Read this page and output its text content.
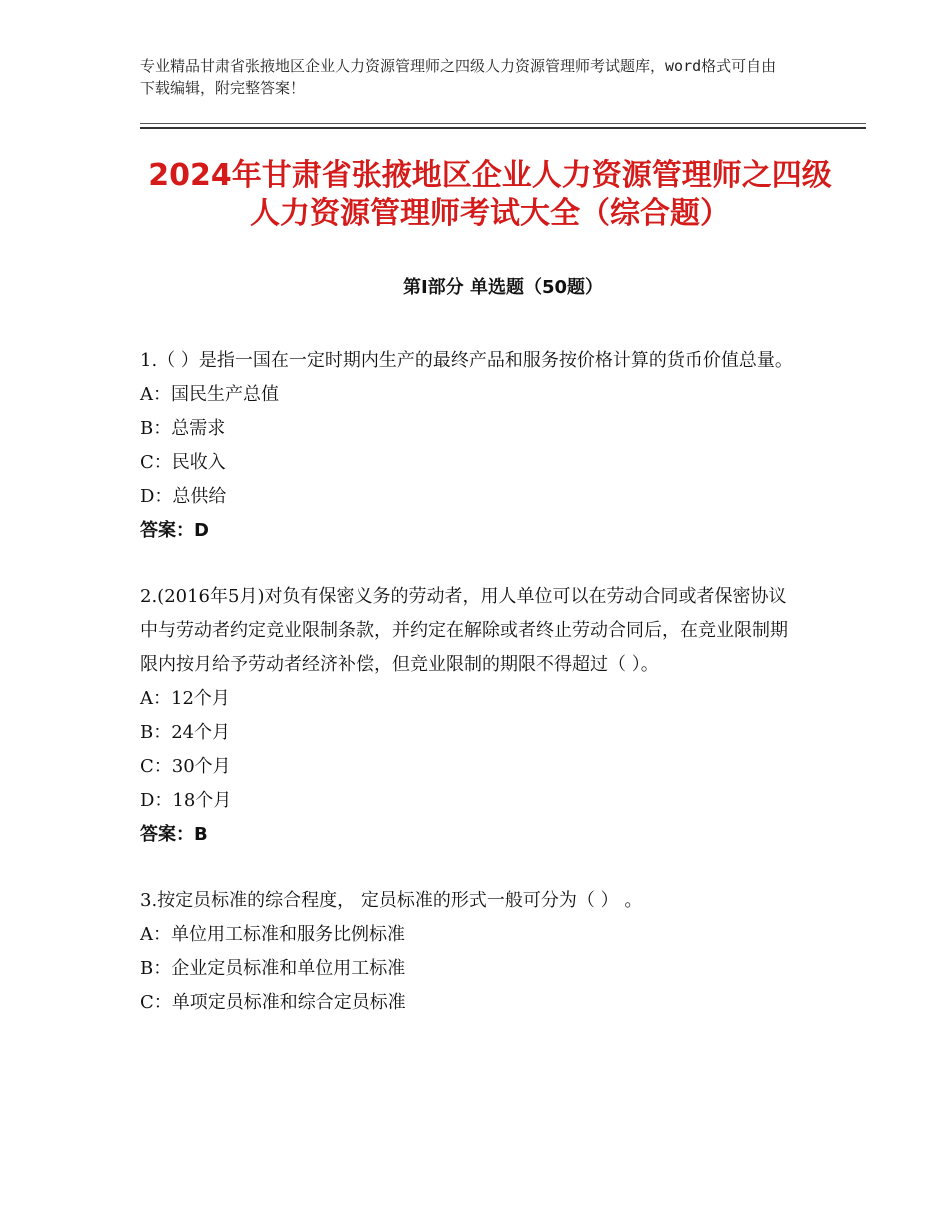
专业精品甘肃省张掖地区企业人力资源管理师之四级人力资源管理师考试题库，word格式可自由下载编辑，附完整答案！
2024年甘肃省张掖地区企业人力资源管理师之四级人力资源管理师考试大全（综合题）
第Ⅰ部分 单选题（50题）

1.（ ）是指一国在一定时期内生产的最终产品和服务按价格计算的货币价值总量。

A：国民生产总值

B：总需求

C：民收入

D：总供给

答案：D

2.(2016年5月)对负有保密义务的劳动者，用人单位可以在劳动合同或者保密协议中与劳动者约定竞业限制条款，并约定在解除或者终止劳动合同后，在竞业限制期限内按月给予劳动者经济补偿，但竞业限制的期限不得超过（ ）。

A：12个月

B：24个月

C：30个月

D：18个月

答案：B

3.按定员标准的综合程度， 定员标准的形式一般可分为（ ） 。

A：单位用工标准和服务比例标准

B：企业定员标准和单位用工标准

C：单项定员标准和综合定员标准
